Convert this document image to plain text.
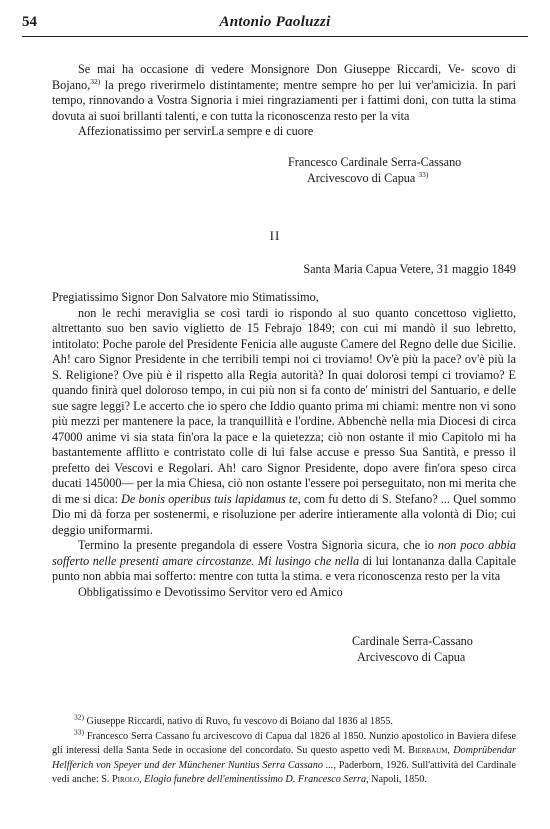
54	Antonio Paoluzzi

Se mai ha occasione di vedere Monsignore Don Giuseppe Riccardi, Ve- scovo di Bojano,$^{32)}$ la prego riverirmelo distintamente; mentre sempre ho per lui ver'amicizia. In pari tempo, rinnovando a Vostra Signoria i miei ringraziamenti per i fattimi doni, con tutta la stima dovuta ai suoi brillanti talenti, e con tutta la riconoscenza resto per la vita

Affezionatissimo per servirLa sempre e di cuore

Francesco Cardinale Serra-Cassano
Arcivescovo di Capua $^{33)}$
II
Santa Maria Capua Vetere, 31 maggio 1849

Pregiatissimo Signor Don Salvatore mio Stimatissimo,

non le rechi meraviglia se così tardi io rispondo al suo quanto concettoso viglietto, altrettanto suo ben savio viglietto de 15 Febrajo 1849; con cui mi mandò il suo lebretto, intitolato: Poche parole del Presidente Fenicia alle auguste Camere del Regno delle due Sicilie. Ah! caro Signor Presidente in che terribili tempi noi ci troviamo! Ov'è più la pace? ov'è più la S. Religione? Ove più è il rispetto alla Regia autorità? In quai dolorosi tempi ci troviamo? E quando finirà quel doloroso tempo, in cui più non si fa conto de' ministri del Santuario, e delle sue sagre leggi? Le accerto che io spero che Iddio quanto prima mi chiami: mentre non vi sono più mezzi per mantenere la pace, la tranquillità e l'ordine. Abbenchè nella mia Diocesi di circa 47000 anime vi sia stata fin'ora la pace e la quietezza; ciò non ostante il mio Capitolo mi ha bastantemente afflitto e contristato colle di lui false accuse e presso Sua Santità, e presso il prefetto dei Vescovi e Regolari. Ah! caro Signor Presidente, dopo avere fin'ora speso circa ducati 145000— per la mia Chiesa, ciò non ostante l'essere poi perseguitato, non mi merita che di me si dica: De bonis operibus tuis lapidamus te, com fu detto di S. Stefano? ... Quel sommo Dio mi dà forza per sostenermi, e risoluzione per aderire intieramente alla volontà di Dio; cui deggio uniformarmi.

Termino la presente pregandola di essere Vostra Signoria sicura, che io non poco abbia sofferto nelle presenti amare circostanze. Mi lusingo che nella di lui lontananza dalla Capitale punto non abbia mai sofferto: mentre con tutta la stima. e vera riconoscenza resto per la vita

Obbligatissimo e Devotissimo Servitor vero ed Amico

Cardinale Serra-Cassano
Arcivescovo di Capua

$^{32)}$ Giuseppe Riccardi, nativo di Ruvo, fu vescovo di Boiano dal 1836 al 1855.

$^{33)}$ Francesco Serra Cassano fu arcivescovo di Capua dal 1826 al 1850. Nunzio apostolico in Baviera difese gli interessi della Santa Sede in occasione del concordato. Su questo aspetto vedi M. Bierbaum, Domprübendar Helfferich von Speyer und der Münchener Nuntius Serra Cassano ..., Paderborn, 1926. Sull'attività del Cardinale vedi anche: S. Pirolo, Elogio funebre dell'eminentissimo D. Francesco Serra, Napoli, 1850.
